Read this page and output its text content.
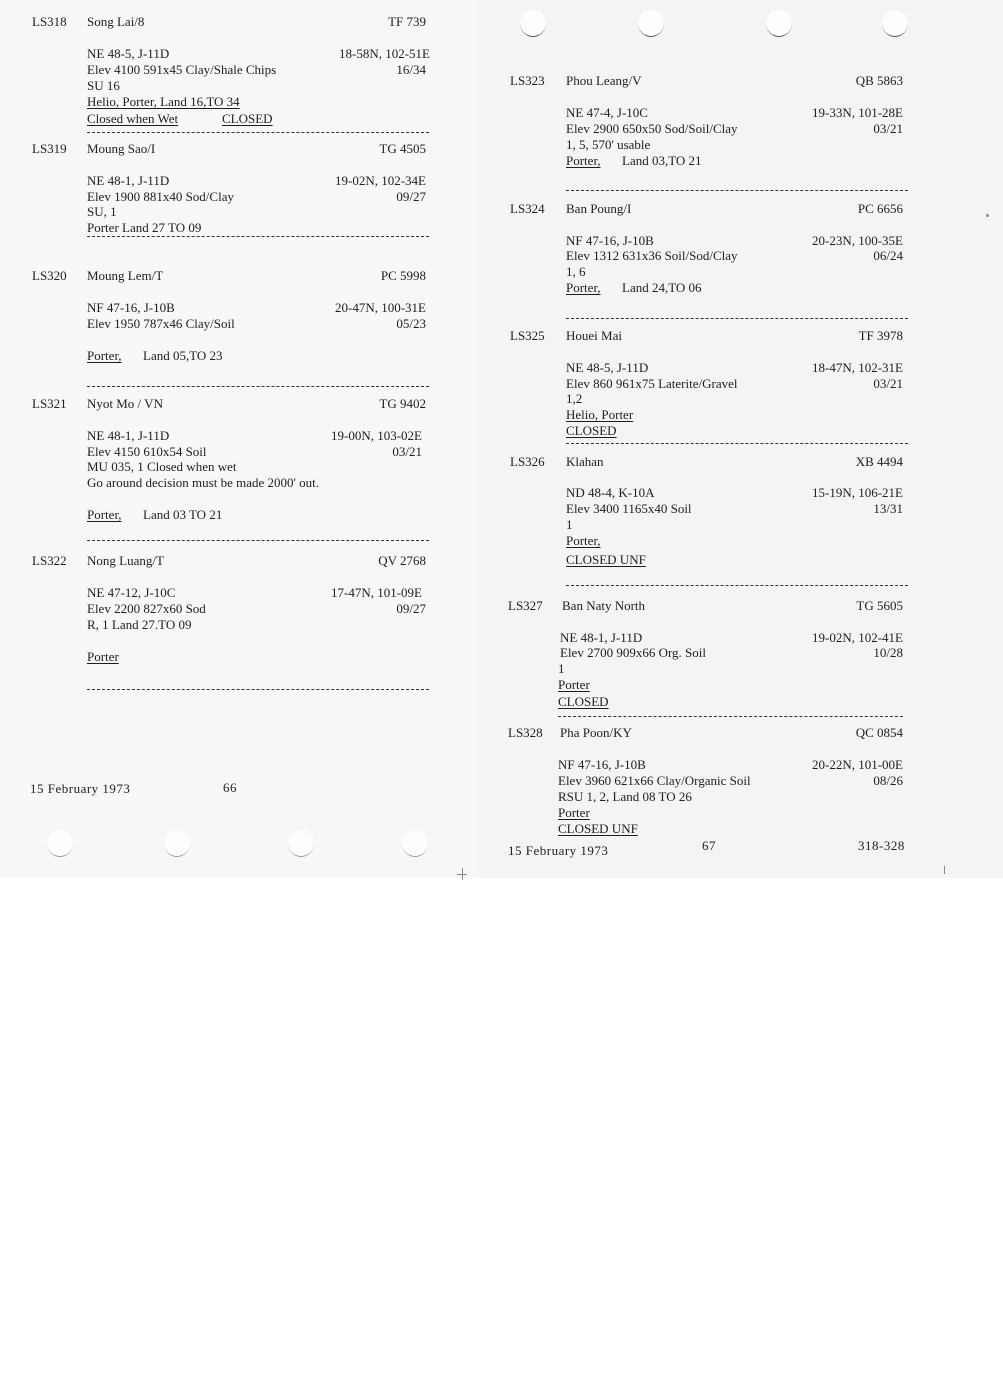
LS318 Song Lai/8	TF 739
NE 48-5, J-11D	18-58N, 102-51E
Elev 4100 591x45 Clay/Shale Chips	16/34
SU 16
Helio, Porter, Land 16,TO 34
Closed when Wet	CLOSED
LS319 Moung Sao/I	TG 4505
NE 48-1, J-11D	19-02N, 102-34E
Elev 1900 881x40 Sod/Clay	09/27
SU, 1
Porter Land 27 TO 09
LS320 Moung Lem/T	PC 5998
NF 47-16, J-10B	20-47N, 100-31E
Elev 1950 787x46 Clay/Soil	05/23
Porter, Land 05,TO 23
LS321 Nyot Mo / VN	TG 9402
NE 48-1, J-11D	19-00N, 103-02E
Elev 4150 610x54 Soil	03/21
MU 035, 1 Closed when wet
Go around decision must be made 2000' out.
Porter, Land 03 TO 21
LS322 Nong Luang/T	QV 2768
NE 47-12, J-10C	17-47N, 101-09E
Elev 2200 827x60 Sod	09/27
R, 1 Land 27.TO 09
Porter
15 February 1973	66
LS323 Phou Leang/V	QB 5863
NE 47-4, J-10C	19-33N, 101-28E
Elev 2900 650x50 Sod/Soil/Clay	03/21
1, 5, 570' usable
Porter, Land 03,TO 21
LS324 Ban Poung/I	PC 6656
NF 47-16, J-10B	20-23N, 100-35E
Elev 1312 631x36 Soil/Sod/Clay	06/24
1, 6
Porter, Land 24,TO 06
LS325 Houei Mai	TF 3978
NE 48-5, J-11D	18-47N, 102-31E
Elev 860 961x75 Laterite/Gravel	03/21
1,2
Helio, Porter
CLOSED
LS326 Klahan	XB 4494
ND 48-4, K-10A	15-19N, 106-21E
Elev 3400 1165x40 Soil	13/31
1
Porter,
CLOSED UNF
LS327 Ban Naty North	TG 5605
NE 48-1, J-11D	19-02N, 102-41E
Elev 2700 909x66 Org. Soil	10/28
1
Porter
CLOSED
LS328 Pha Poon/KY	QC 0854
NF 47-16, J-10B	20-22N, 101-00E
Elev 3960 621x66 Clay/Organic Soil	08/26
RSU 1, 2, Land 08 TO 26
Porter
CLOSED UNF
15 February 1973	67	318-328
